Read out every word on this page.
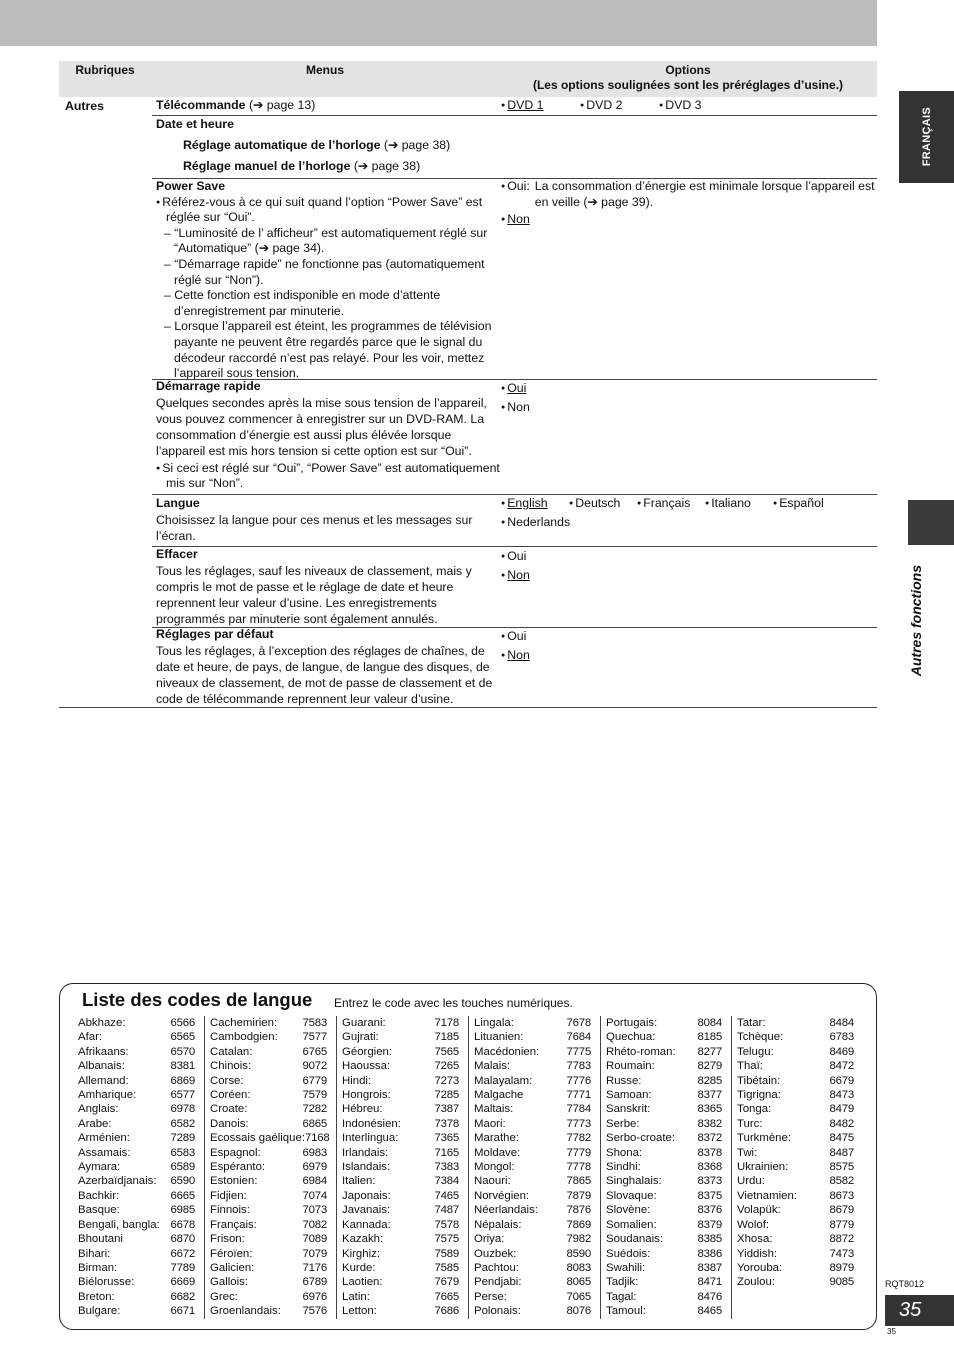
FRANÇAIS
Autres fonctions
Rubriques	Menus	Options
(Les options soulignées sont les préréglages d’usine.)
Autres	Télécommande (➔ page 13)	● DVD 1	● DVD 2	● DVD 3
Date et heure
Réglage automatique de l’horloge (➔ page 38)
Réglage manuel de l’horloge (➔ page 38)
Power Save
● Référez-vous à ce qui suit quand l’option “Power Save” est réglée sur “Oui”.
– “Luminosité de l’ afficheur” est automatiquement réglé sur “Automatique” (➔ page 34).
– “Démarrage rapide” ne fonctionne pas (automatiquement réglé sur “Non”).
– Cette fonction est indisponible en mode d’attente d’enregistrement par minuterie.
– Lorsque l’appareil est éteint, les programmes de télévision payante ne peuvent être regardés parce que le signal du décodeur raccordé n’est pas relayé. Pour les voir, mettez l’appareil sous tension.
●
Oui: La consommation d’énergie est minimale lorsque l’appareil est en veille (➔ page 39).
● Non
Démarrage rapide
Quelques secondes après la mise sous tension de l’appareil, vous pouvez commencer à enregistrer sur un DVD-RAM. La consommation d’énergie est aussi plus élévée lorsque l’appareil est mis hors tension si cette option est sur “Oui”.
● Si ceci est réglé sur “Oui”, “Power Save” est automatiquement mis sur “Non”.
● Oui
● Non
Langue
Choisissez la langue pour ces menus et les messages sur l’écran.
● English ● Deutsch ● Français ● Italiano ● Español
● Nederlands
Effacer
Tous les réglages, sauf les niveaux de classement, mais y compris le mot de passe et le réglage de date et heure reprennent leur valeur d’usine. Les enregistrements programmés par minuterie sont également annulés.
● Oui
● Non
Réglages par défaut
Tous les réglages, à l’exception des réglages de chaînes, de date et heure, de pays, de langue, de langue des disques, de niveaux de classement, de mot de passe de classement et de code de télécommande reprennent leur valeur d’usine.
● Oui
● Non
Liste des codes de langue Entrez le code avec les touches numériques.
Abkhaze:	6566
Afar:	6565
Afrikaans:	6570
Albanais:	8381
Allemand:	6869
Amharique:	6577
Anglais:	6978
Arabe:	6582
Arménien:	7289
Assamais:	6583
Aymara:	6589
Azerbaïdjanais: 6590
Bachkir:	6665
Basque:	6985
Bengali, bangla: 6678
Bhoutani	6870
Bihari:	6672
Birman:	7789
Biélorusse:	6669
Breton:	6682
Bulgare:	6671
Cachemirien: 7583
Cambodgien: 7577
Catalan:	6765
Chinois:	9072
Corse:	6779
Coréen:	7579
Croate:	7282
Danois:	6865
Ecossais gaélique: 7168
Espagnol:	6983
Espéranto:	6979
Estonien:	6984
Fidjien:	7074
Finnois:	7073
Français:	7082
Frison:	7089
Féroïen:	7079
Galicien:	7176
Gallois:	6789
Grec:	6976
Groenlandais: 7576
Guarani:	7178
Gujrati:	7185
Géorgien:	7565
Haoussa:	7265
Hindi:	7273
Hongrois:	7285
Hébreu:	7387
Indonésien:	7378
Interlingua:	7365
Irlandais:	7165
Islandais:	7383
Italien:	7384
Japonais:	7465
Javanais:	7487
Kannada:	7578
Kazakh:	7575
Kirghiz:	7589
Kurde:	7585
Laotien:	7679
Latin:	7665
Letton:	7686
Lingala:	7678
Lituanien:	7684
Macédonien: 7775
Malais:	7783
Malayalam:	7776
Malgache	7771
Maltais:	7784
Maori:	7773
Marathe:	7782
Moldave:	7779
Mongol:	7778
Naouri:	7865
Norvégien:	7879
Néerlandais:	7876
Népalais:	7869
Oriya:	7982
Ouzbek:	8590
Pachtou:	8083
Pendjabi:	8065
Perse:	7065
Polonais:	8076
Portugais:	8084
Quechua:	8185
Rhéto-roman: 8277
Roumain:	8279
Russe:	8285
Samoan:	8377
Sanskrit:	8365
Serbe:	8382
Serbo-croate: 8372
Shona:	8378
Sindhi:	8368
Singhalais:	8373
Slovaque:	8375
Slovène:	8376
Somalien:	8379
Soudanais:	8385
Suédois:	8386
Swahili:	8387
Tadjik:	8471
Tagal:	8476
Tamoul:	8465
Tatar:	8484
Tchèque:	6783
Telugu:	8469
Thaï:	8472
Tibétain:	6679
Tigrigna:	8473
Tonga:	8479
Turc:	8482
Turkmène:	8475
Twi:	8487
Ukrainien:	8575
Urdu:	8582
Vietnamien:	8673
Volapük:	8679
Wolof:	8779
Xhosa:	8872
Yiddish:	7473
Yorouba:	8979
Zoulou:	9085	RQT8012
35
35
